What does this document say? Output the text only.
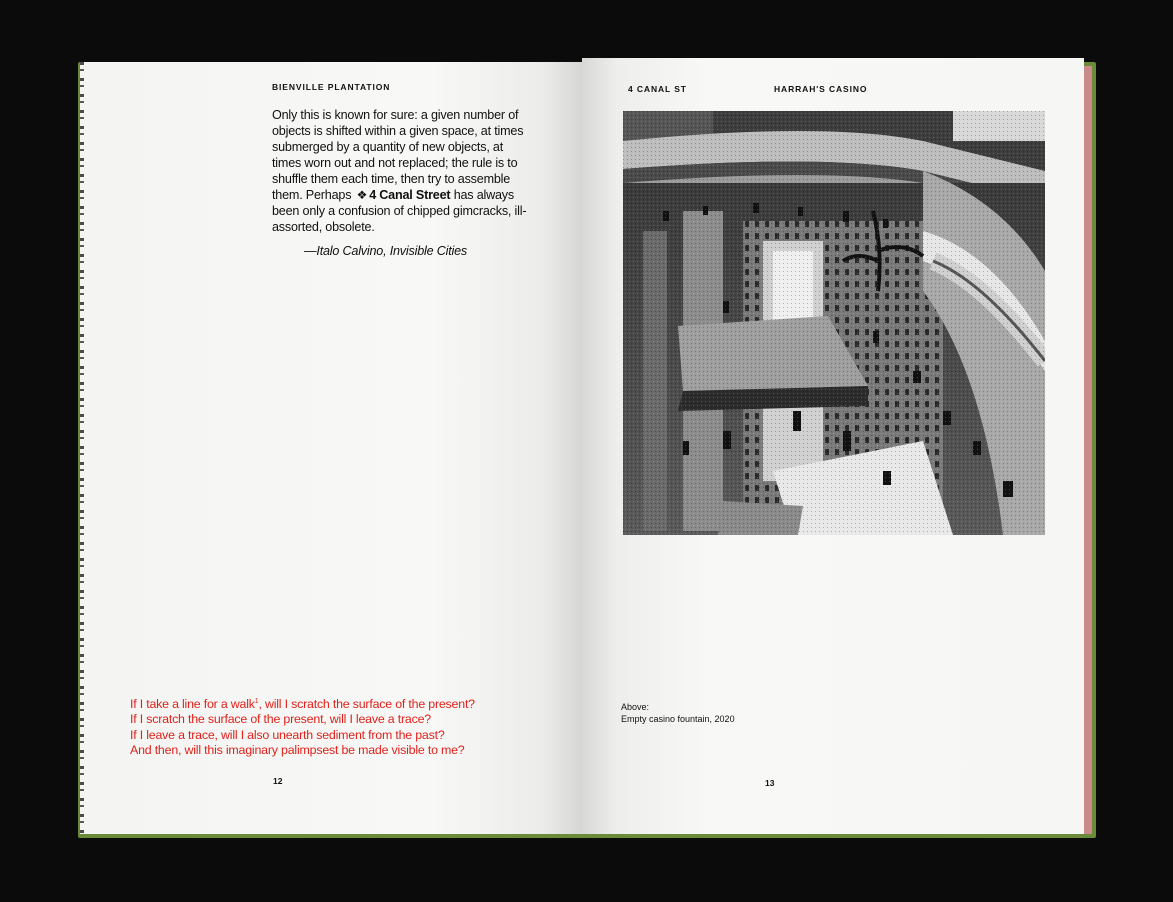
BIENVILLE PLANTATION
Only this is known for sure: a given number of objects is shifted within a given space, at times submerged by a quantity of new objects, at times worn out and not replaced; the rule is to shuffle them each time, then try to assemble them. Perhaps ❖ 4 Canal Street has always been only a confusion of chipped gimcracks, ill-assorted, obsolete.
—Italo Calvino, Invisible Cities
If I take a line for a walk$^1$, will I scratch the surface of the present?
If I scratch the surface of the present, will I leave a trace?
If I leave a trace, will I also unearth sediment from the past?
And then, will this imaginary palimpsest be made visible to me?
12
4 CANAL ST	HARRAH'S CASINO
Above:
Empty casino fountain, 2020
13
